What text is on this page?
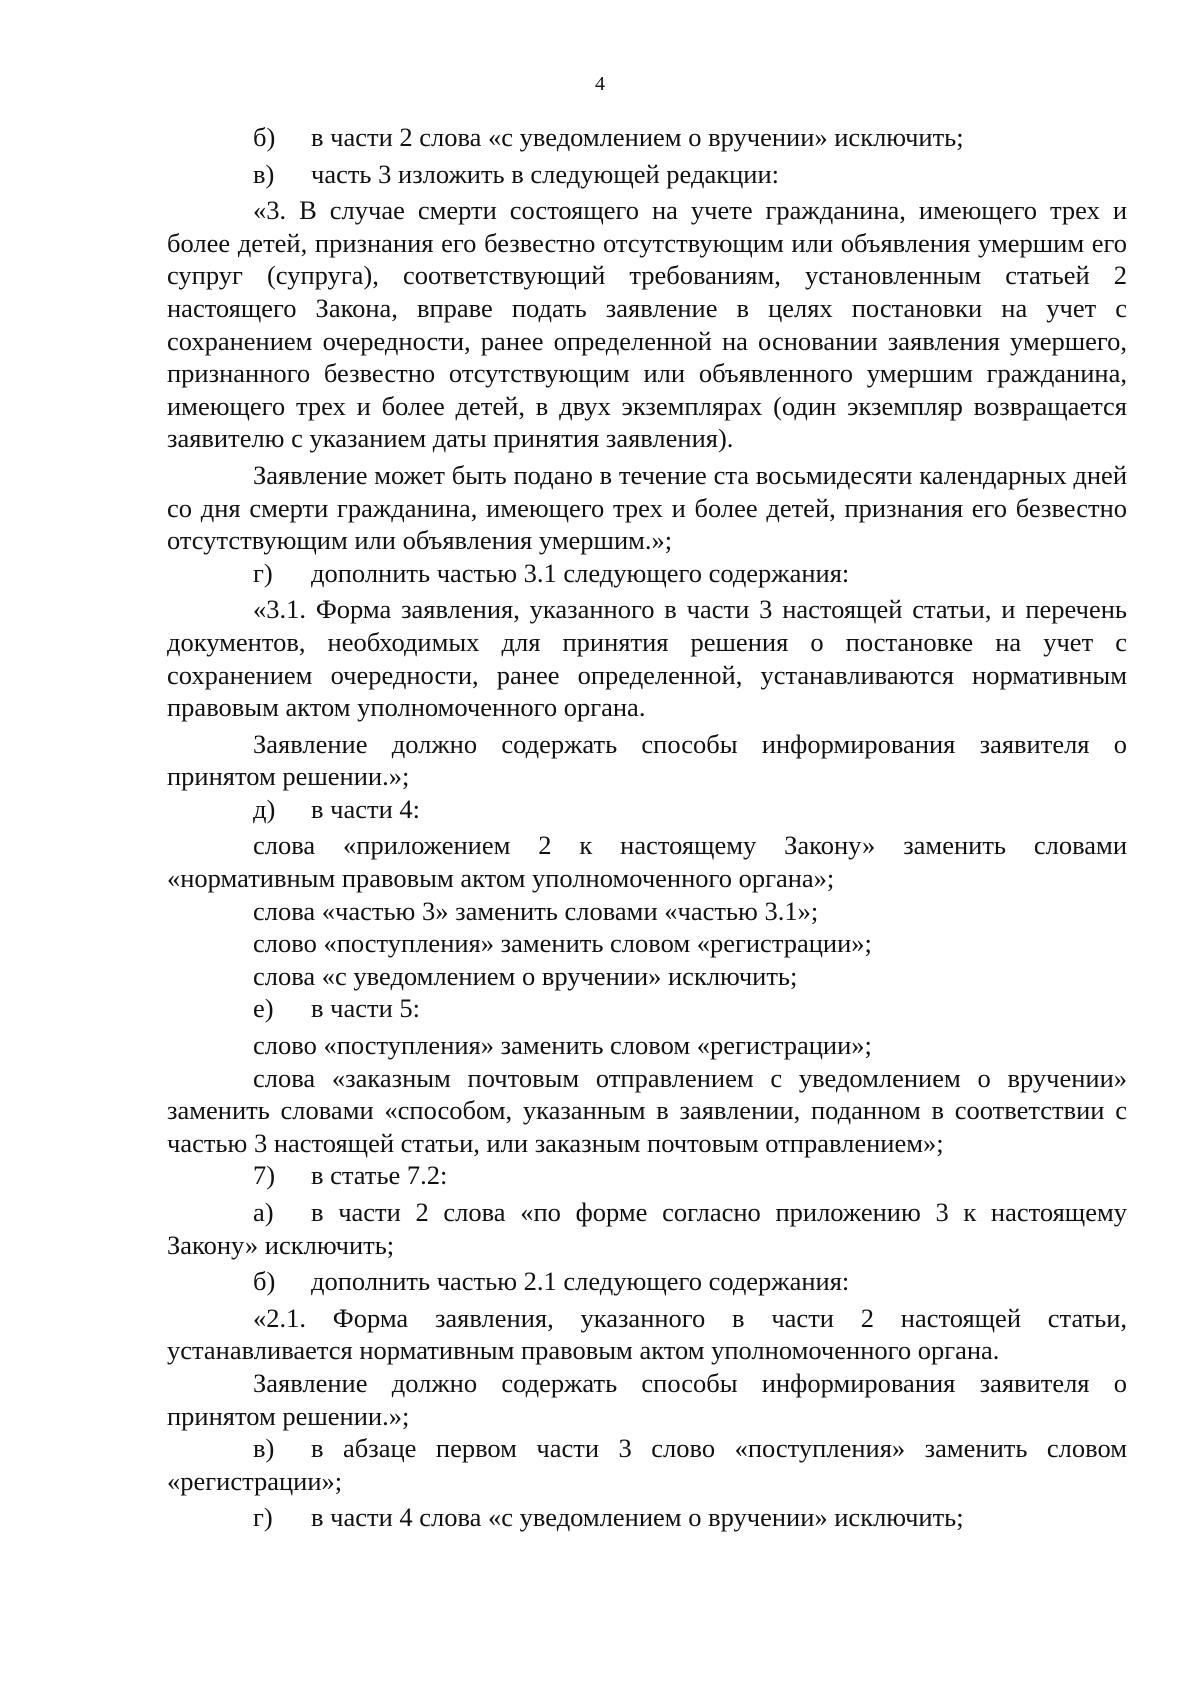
4
б)	в части 2 слова «с уведомлением о вручении» исключить;
в)	часть 3 изложить в следующей редакции:

«3. В случае смерти состоящего на учете гражданина, имеющего трех и более детей, признания его безвестно отсутствующим или объявления умершим его супруг (супруга), соответствующий требованиям, установленным статьей 2 настоящего Закона, вправе подать заявление в целях постановки на учет с сохранением очередности, ранее определенной на основании заявления умершего, признанного безвестно отсутствующим или объявленного умершим гражданина, имеющего трех и более детей, в двух экземплярах (один экземпляр возвращается заявителю с указанием даты принятия заявления).

Заявление может быть подано в течение ста восьмидесяти календарных дней со дня смерти гражданина, имеющего трех и более детей, признания его безвестно отсутствующим или объявления умершим.»;

г)	дополнить частью 3.1 следующего содержания:

«3.1. Форма заявления, указанного в части 3 настоящей статьи, и перечень документов, необходимых для принятия решения о постановке на учет с сохранением очередности, ранее определенной, устанавливаются нормативным правовым актом уполномоченного органа.

Заявление должно содержать способы информирования заявителя о принятом решении.»;

д)	в части 4:

слова «приложением 2 к настоящему Закону» заменить словами «нормативным правовым актом уполномоченного органа»;

слова «частью 3» заменить словами «частью 3.1»;

слово «поступления» заменить словом «регистрации»;

слова «с уведомлением о вручении» исключить;

е)	в части 5:

слово «поступления» заменить словом «регистрации»;

слова «заказным почтовым отправлением с уведомлением о вручении» заменить словами «способом, указанным в заявлении, поданном в соответствии с частью 3 настоящей статьи, или заказным почтовым отправлением»;

7)	в статье 7.2:

а) в части 2 слова «по форме согласно приложению 3 к настоящему Закону» исключить;

б)	дополнить частью 2.1 следующего содержания:

«2.1. Форма заявления, указанного в части 2 настоящей статьи, устанавливается нормативным правовым актом уполномоченного органа.

Заявление должно содержать способы информирования заявителя о принятом решении.»;

в) в абзаце первом части 3 слово «поступления» заменить словом «регистрации»;

г)	в части 4 слова «с уведомлением о вручении» исключить;
